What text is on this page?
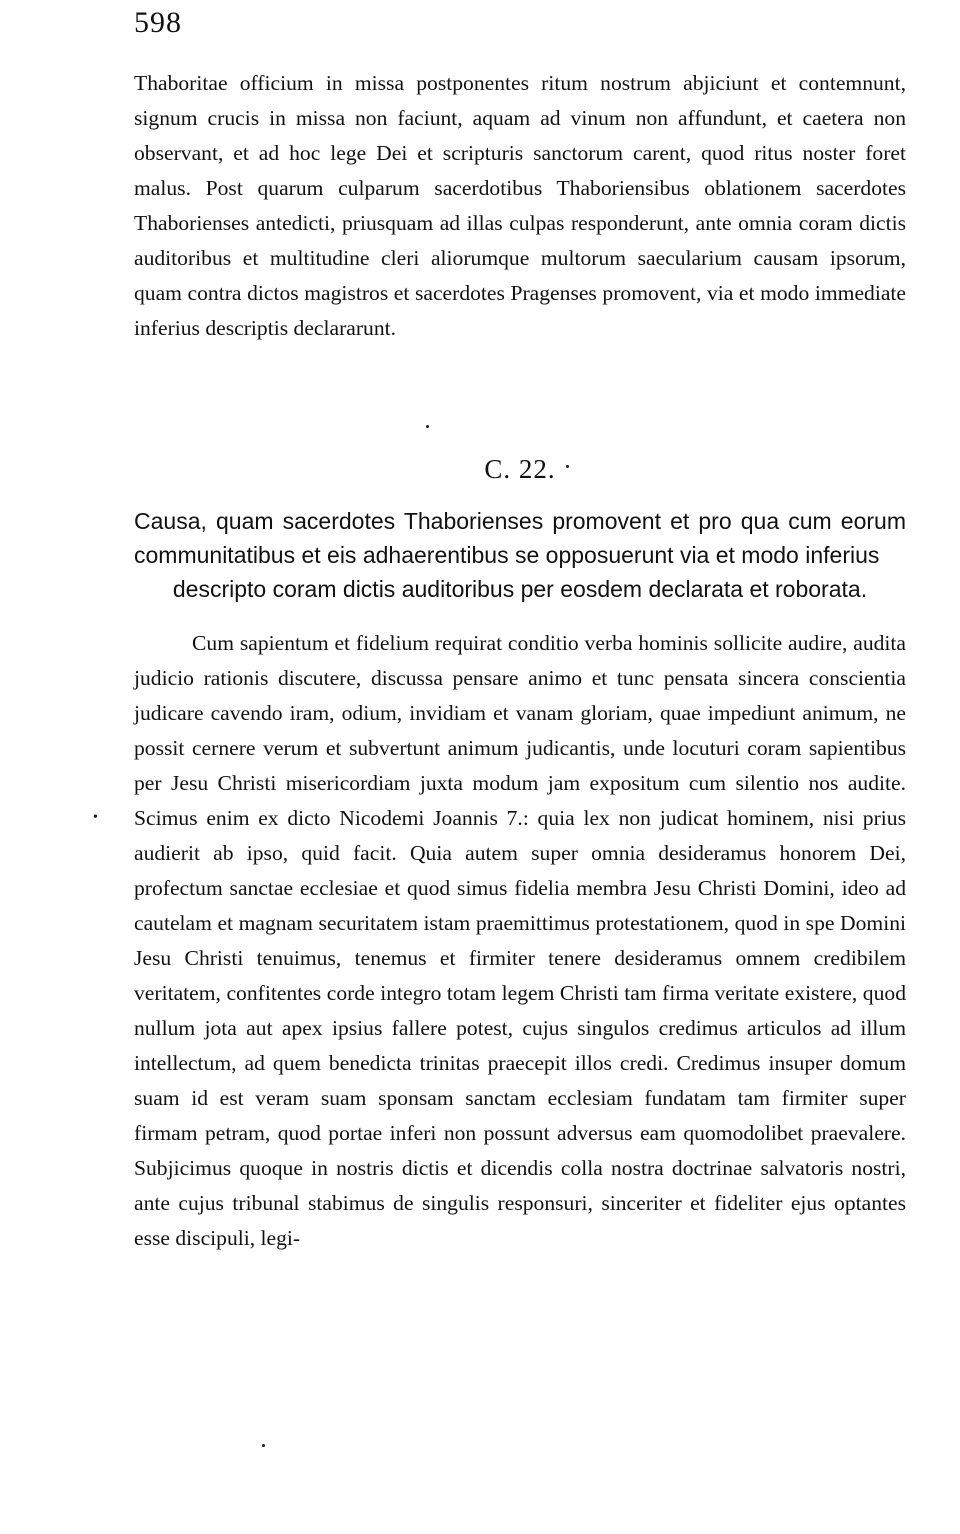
598

Thaboritae officium in missa postponentes ritum nostrum abjiciunt et contemnunt, signum crucis in missa non faciunt, aquam ad vinum non affundunt, et caetera non observant, et ad hoc lege Dei et scripturis sanctorum carent, quod ritus noster foret malus. Post quarum culparum sacerdotibus Thaboriensibus oblationem sacerdotes Thaborienses antedicti, priusquam ad illas culpas responderunt, ante omnia coram dictis auditoribus et multitudine cleri aliorumque multorum saecularium causam ipsorum, quam contra dictos magistros et sacerdotes Pragenses promovent, via et modo immediate inferius descriptis declararunt.

C. 22.
Causa, quam sacerdotes Thaborienses promovent et pro qua cum eorum communitatibus et eis adhaerentibus se opposuerunt via et modo inferius
descripto coram dictis auditoribus per eosdem declarata et roborata.

Cum sapientum et fidelium requirat conditio verba hominis sollicite audire, audita judicio rationis discutere, discussa pensare animo et tunc pensata sincera conscientia judicare cavendo iram, odium, invidiam et vanam gloriam, quae impediunt animum, ne possit cernere verum et subvertunt animum judicantis, unde locuturi coram sapientibus per Jesu Christi misericordiam juxta modum jam expositum cum silentio nos audite. Scimus enim ex dicto Nicodemi Joannis 7.: quia lex non judicat hominem, nisi prius audierit ab ipso, quid facit. Quia autem super omnia desideramus honorem Dei, profectum sanctae ecclesiae et quod simus fidelia membra Jesu Christi Domini, ideo ad cautelam et magnam securitatem istam praemittimus protestationem, quod in spe Domini Jesu Christi tenuimus, tenemus et firmiter tenere desideramus omnem credibilem veritatem, confitentes corde integro totam legem Christi tam firma veritate existere, quod nullum jota aut apex ipsius fallere potest, cujus singulos credimus articulos ad illum intellectum, ad quem benedicta trinitas praecepit illos credi. Credimus insuper domum suam id est veram suam sponsam sanctam ecclesiam fundatam tam firmiter super firmam petram, quod portae inferi non possunt adversus eam quomodolibet praevalere. Subjicimus quoque in nostris dictis et dicendis colla nostra doctrinae salvatoris nostri, ante cujus tribunal stabimus de singulis responsuri, sinceriter et fideliter ejus optantes esse discipuli, legi-

•
